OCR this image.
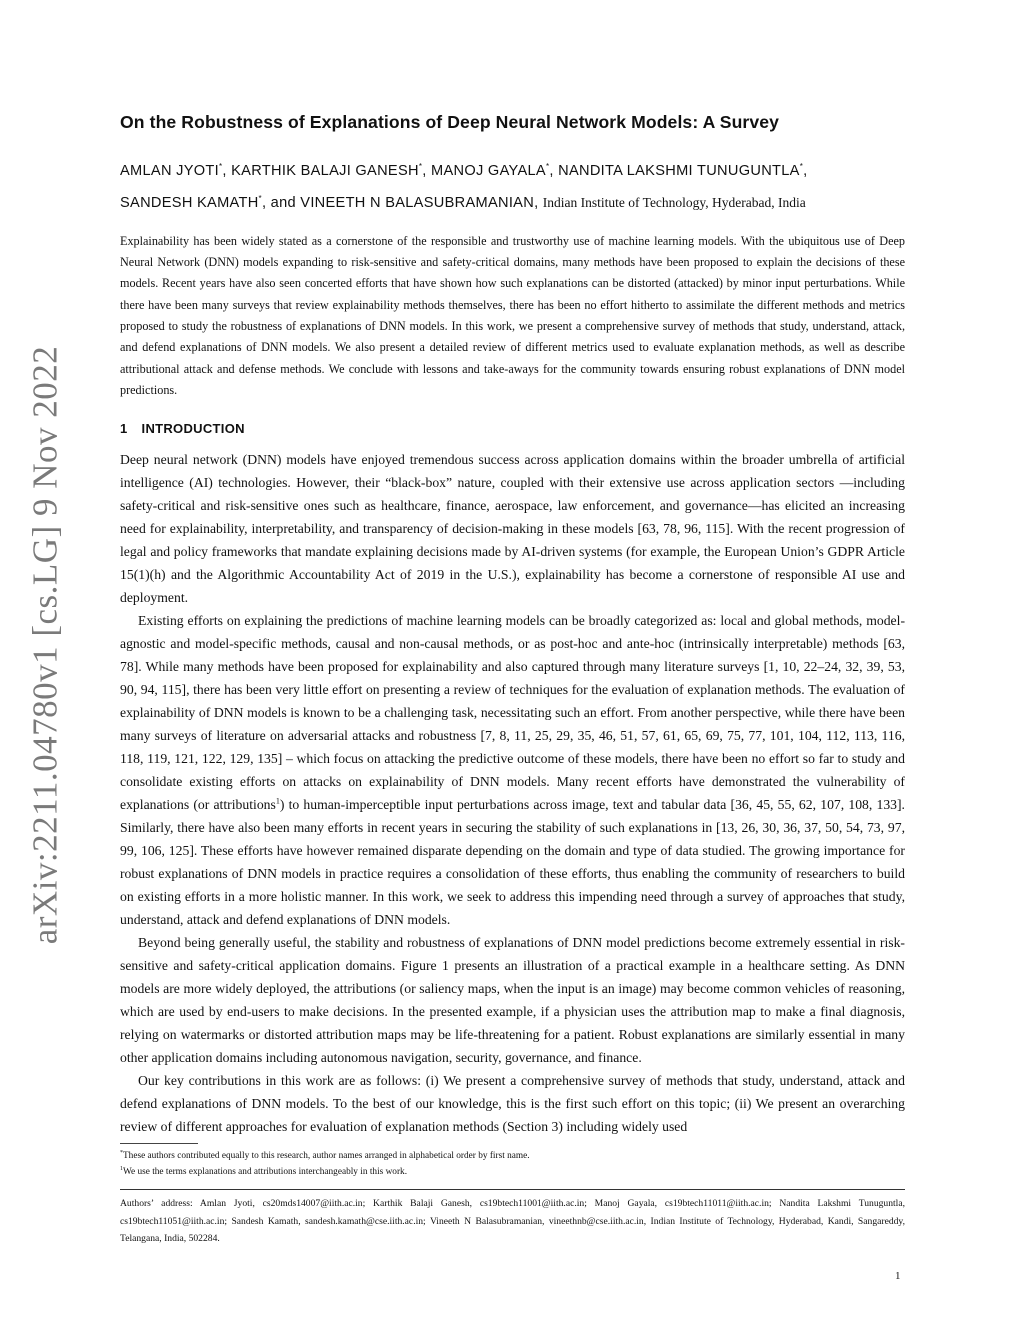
arXiv:2211.04780v1 [cs.LG] 9 Nov 2022
On the Robustness of Explanations of Deep Neural Network Models: A Survey
AMLAN JYOTI*, KARTHIK BALAJI GANESH*, MANOJ GAYALA*, NANDITA LAKSHMI TUNUGUNTLA*,
SANDESH KAMATH*, and VINEETH N BALASUBRAMANIAN, Indian Institute of Technology, Hyderabad, India

Explainability has been widely stated as a cornerstone of the responsible and trustworthy use of machine learning models. With the ubiquitous use of Deep Neural Network (DNN) models expanding to risk-sensitive and safety-critical domains, many methods have been proposed to explain the decisions of these models. Recent years have also seen concerted efforts that have shown how such explanations can be distorted (attacked) by minor input perturbations. While there have been many surveys that review explainability methods themselves, there has been no effort hitherto to assimilate the different methods and metrics proposed to study the robustness of explanations of DNN models. In this work, we present a comprehensive survey of methods that study, understand, attack, and defend explanations of DNN models. We also present a detailed review of different metrics used to evaluate explanation methods, as well as describe attributional attack and defense methods. We conclude with lessons and take-aways for the community towards ensuring robust explanations of DNN model predictions.

1 INTRODUCTION

Deep neural network (DNN) models have enjoyed tremendous success across application domains within the broader umbrella of artificial intelligence (AI) technologies. However, their “black-box” nature, coupled with their extensive use across application sectors —including safety-critical and risk-sensitive ones such as healthcare, finance, aerospace, law enforcement, and governance—has elicited an increasing need for explainability, interpretability, and transparency of decision-making in these models [63, 78, 96, 115]. With the recent progression of legal and policy frameworks that mandate explaining decisions made by AI-driven systems (for example, the European Union’s GDPR Article 15(1)(h) and the Algorithmic Accountability Act of 2019 in the U.S.), explainability has become a cornerstone of responsible AI use and deployment.

Existing efforts on explaining the predictions of machine learning models can be broadly categorized as: local and global methods, model-agnostic and model-specific methods, causal and non-causal methods, or as post-hoc and ante-hoc (intrinsically interpretable) methods [63, 78]. While many methods have been proposed for explainability and also captured through many literature surveys [1, 10, 22–24, 32, 39, 53, 90, 94, 115], there has been very little effort on presenting a review of techniques for the evaluation of explanation methods. The evaluation of explainability of DNN models is known to be a challenging task, necessitating such an effort. From another perspective, while there have been many surveys of literature on adversarial attacks and robustness [7, 8, 11, 25, 29, 35, 46, 51, 57, 61, 65, 69, 75, 77, 101, 104, 112, 113, 116, 118, 119, 121, 122, 129, 135] – which focus on attacking the predictive outcome of these models, there have been no effort so far to study and consolidate existing efforts on attacks on explainability of DNN models. Many recent efforts have demonstrated the vulnerability of explanations (or attributions$^1$) to human-imperceptible input perturbations across image, text and tabular data [36, 45, 55, 62, 107, 108, 133]. Similarly, there have also been many efforts in recent years in securing the stability of such explanations in [13, 26, 30, 36, 37, 50, 54, 73, 97, 99, 106, 125]. These efforts have however remained disparate depending on the domain and type of data studied. The growing importance for robust explanations of DNN models in practice requires a consolidation of these efforts, thus enabling the community of researchers to build on existing efforts in a more holistic manner. In this work, we seek to address this impending need through a survey of approaches that study, understand, attack and defend explanations of DNN models.

Beyond being generally useful, the stability and robustness of explanations of DNN model predictions become extremely essential in risk-sensitive and safety-critical application domains. Figure 1 presents an illustration of a practical example in a healthcare setting. As DNN models are more widely deployed, the attributions (or saliency maps, when the input is an image) may become common vehicles of reasoning, which are used by end-users to make decisions. In the presented example, if a physician uses the attribution map to make a final diagnosis, relying on watermarks or distorted attribution maps may be life-threatening for a patient. Robust explanations are similarly essential in many other application domains including autonomous navigation, security, governance, and finance.

Our key contributions in this work are as follows: (i) We present a comprehensive survey of methods that study, understand, attack and defend explanations of DNN models. To the best of our knowledge, this is the first such effort on this topic; (ii) We present an overarching review of different approaches for evaluation of explanation methods (Section 3) including widely used

*These authors contributed equally to this research, author names arranged in alphabetical order by first name.

$^1$We use the terms explanations and attributions interchangeably in this work.

Authors’ address: Amlan Jyoti, cs20mds14007@iith.ac.in; Karthik Balaji Ganesh, cs19btech11001@iith.ac.in; Manoj Gayala, cs19btech11011@iith.ac.in; Nandita Lakshmi Tunuguntla, cs19btech11051@iith.ac.in; Sandesh Kamath, sandesh.kamath@cse.iith.ac.in; Vineeth N Balasubramanian, vineethnb@cse.iith.ac.in, Indian Institute of Technology, Hyderabad, Kandi, Sangareddy, Telangana, India, 502284.

1
